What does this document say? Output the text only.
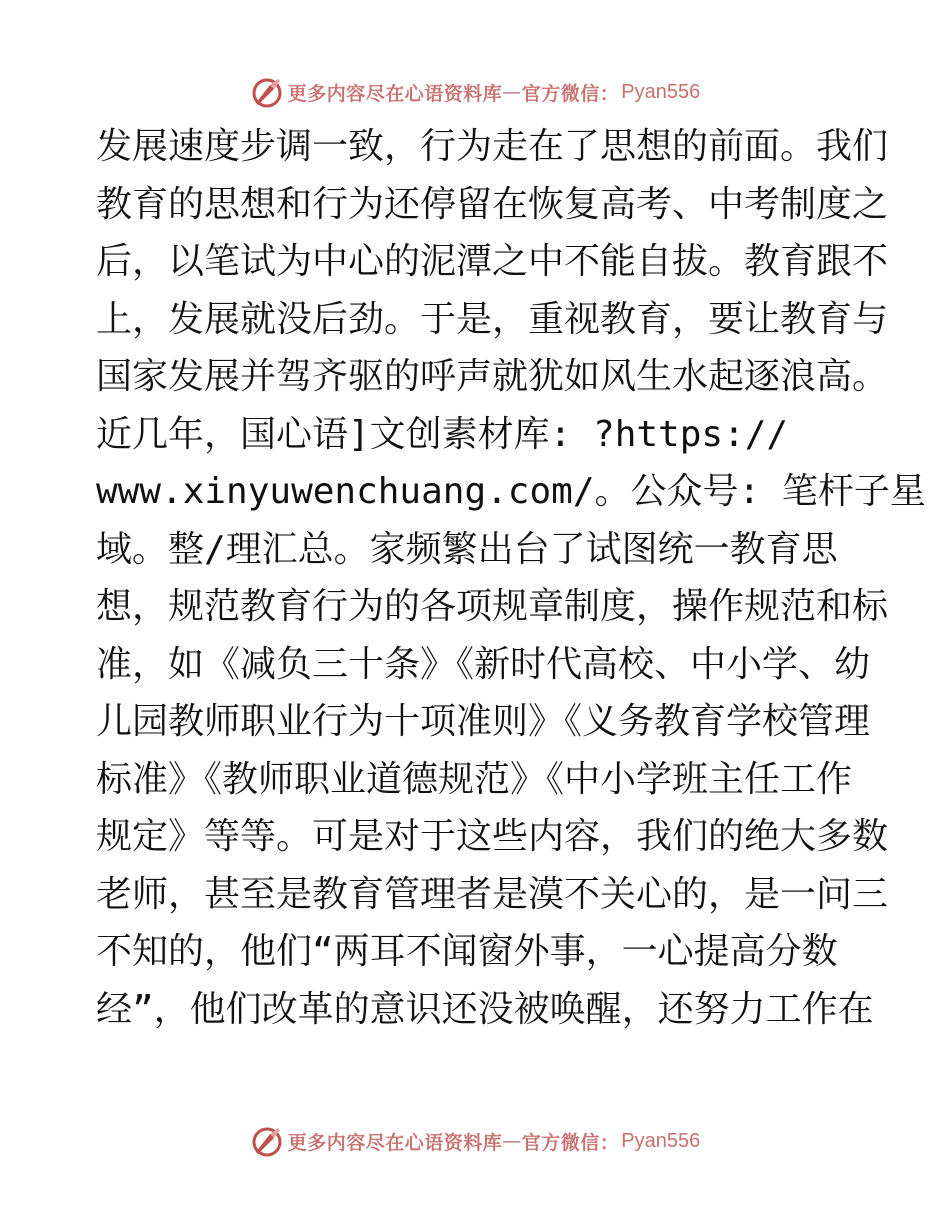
更多内容尽在心语资料库 — 官方微信： Pyan556
发展速度步调一致，行为走在了思想的前面。我们
教育的思想和行为还停留在恢复高考、中考制度之
后，以笔试为中心的泥潭之中不能自拔。教育跟不
上，发展就没后劲。于是，重视教育，要让教育与
国家发展并驾齐驱的呼声就犹如风生水起逐浪高。
近几年，国心语]文创素材库: ?https://
www.xinyuwenchuang.com/。公众号: 笔杆子星
域。整/理汇总。家频繁出台了试图统一教育思
想，规范教育行为的各项规章制度，操作规范和标
准，如《减负三十条》《新时代高校、中小学、幼
儿园教师职业行为十项准则》《义务教育学校管理
标准》《教师职业道德规范》《中小学班主任工作
规定》等等。可是对于这些内容，我们的绝大多数
老师，甚至是教育管理者是漠不关心的，是一问三
不知的，他们“两耳不闻窗外事，一心提高分数
经”，他们改革的意识还没被唤醒，还努力工作在
更多内容尽在心语资料库 — 官方微信： Pyan556
